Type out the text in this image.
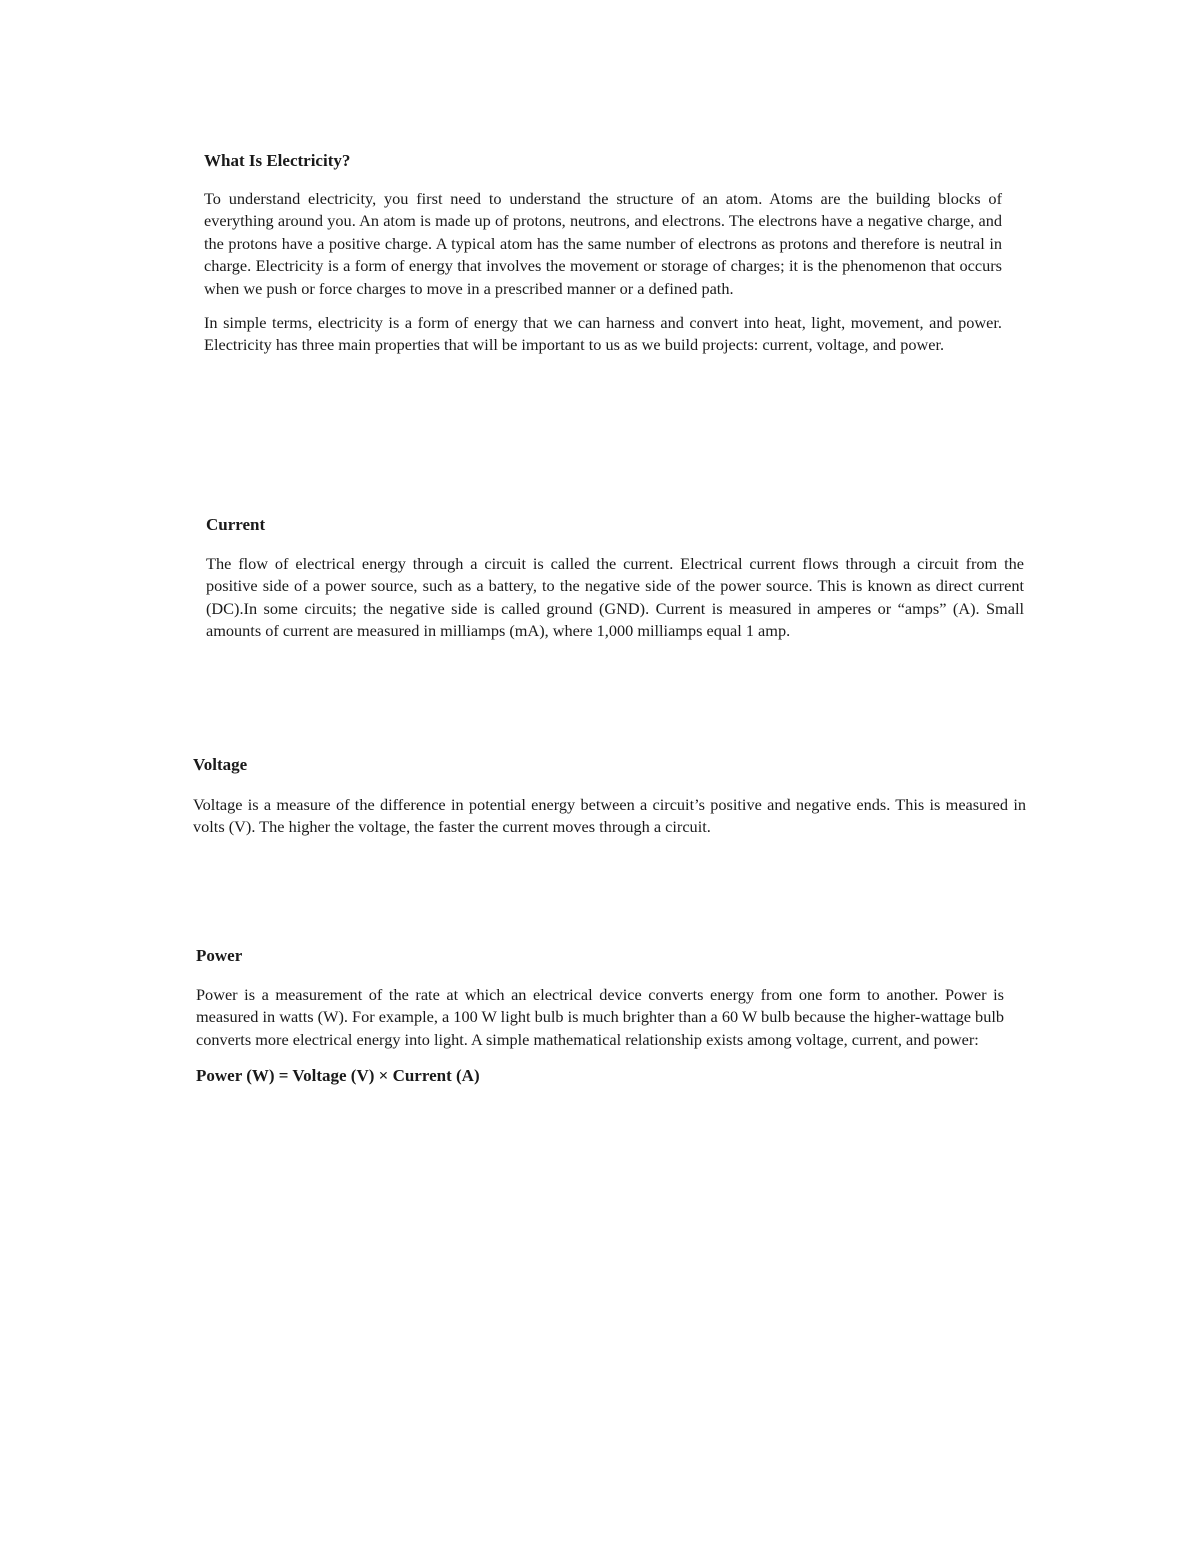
What Is Electricity?

To understand electricity, you first need to understand the structure of an atom. Atoms are the building blocks of everything around you. An atom is made up of protons, neutrons, and electrons. The electrons have a negative charge, and the protons have a positive charge. A typical atom has the same number of electrons as protons and therefore is neutral in charge. Electricity is a form of energy that involves the movement or storage of charges; it is the phenomenon that occurs when we push or force charges to move in a prescribed manner or a defined path.

In simple terms, electricity is a form of energy that we can harness and convert into heat, light, movement, and power. Electricity has three main properties that will be important to us as we build projects: current, voltage, and power.

Current

The flow of electrical energy through a circuit is called the current. Electrical current flows through a circuit from the positive side of a power source, such as a battery, to the negative side of the power source. This is known as direct current (DC).In some circuits; the negative side is called ground (GND). Current is measured in amperes or “amps” (A). Small amounts of current are measured in milliamps (mA), where 1,000 milliamps equal 1 amp.

Voltage

Voltage is a measure of the difference in potential energy between a circuit’s positive and negative ends. This is measured in volts (V). The higher the voltage, the faster the current moves through a circuit.

Power

Power is a measurement of the rate at which an electrical device converts energy from one form to another. Power is measured in watts (W). For example, a 100 W light bulb is much brighter than a 60 W bulb because the higher-wattage bulb converts more electrical energy into light. A simple mathematical relationship exists among voltage, current, and power:

Power (W) = Voltage (V) × Current (A)
